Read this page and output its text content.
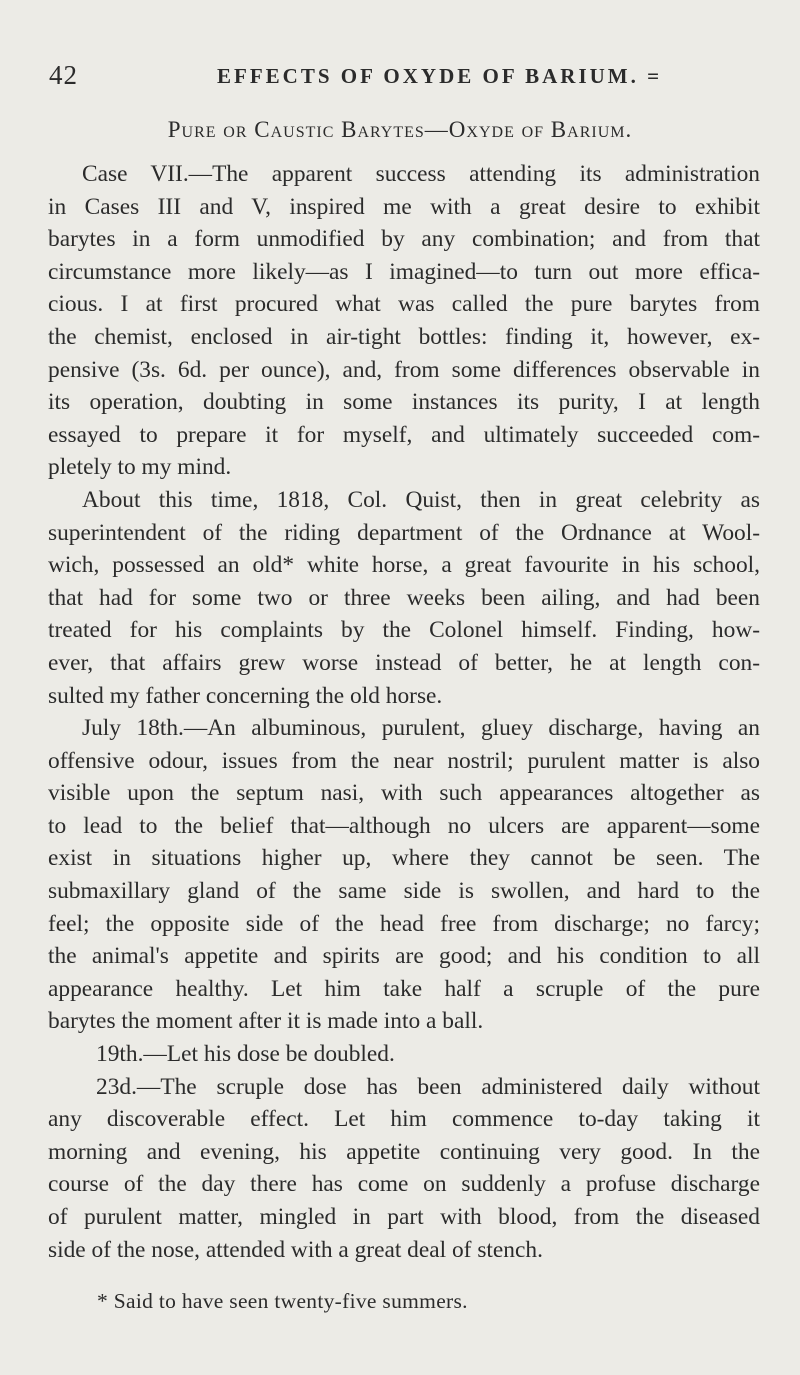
42	EFFECTS OF OXYDE OF BARIUM. =
Pure or Caustic Barytes—Oxyde of Barium.
Case VII.—The apparent success attending its administration
in Cases III and V, inspired me with a great desire to exhibit
barytes in a form unmodified by any combination; and from that
circumstance more likely—as I imagined—to turn out more effica-
cious. I at first procured what was called the pure barytes from
the chemist, enclosed in air-tight bottles: finding it, however, ex-
pensive (3s. 6d. per ounce), and, from some differences observable in
its operation, doubting in some instances its purity, I at length
essayed to prepare it for myself, and ultimately succeeded com-
pletely to my mind.
About this time, 1818, Col. Quist, then in great celebrity as
superintendent of the riding department of the Ordnance at Wool-
wich, possessed an old* white horse, a great favourite in his school,
that had for some two or three weeks been ailing, and had been
treated for his complaints by the Colonel himself. Finding, how-
ever, that affairs grew worse instead of better, he at length con-
sulted my father concerning the old horse.
July 18th.—An albuminous, purulent, gluey discharge, having an
offensive odour, issues from the near nostril; purulent matter is also
visible upon the septum nasi, with such appearances altogether as
to lead to the belief that—although no ulcers are apparent—some
exist in situations higher up, where they cannot be seen. The
submaxillary gland of the same side is swollen, and hard to the
feel; the opposite side of the head free from discharge; no farcy;
the animal's appetite and spirits are good; and his condition to all
appearance healthy. Let him take half a scruple of the pure
barytes the moment after it is made into a ball.
19th.—Let his dose be doubled.
23d.—The scruple dose has been administered daily without
any discoverable effect. Let him commence to-day taking it
morning and evening, his appetite continuing very good. In the
course of the day there has come on suddenly a profuse discharge
of purulent matter, mingled in part with blood, from the diseased
side of the nose, attended with a great deal of stench.
* Said to have seen twenty-five summers.
